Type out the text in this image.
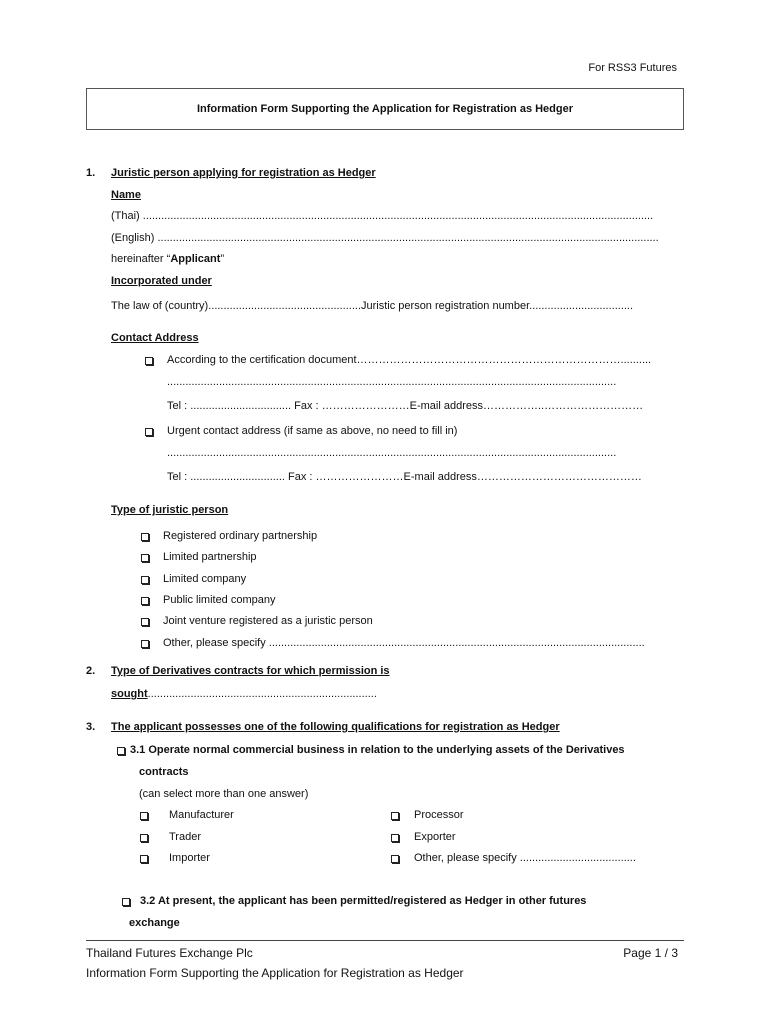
For RSS3 Futures
Information Form Supporting the Application for Registration as Hedger
1. Juristic person applying for registration as Hedger
Name
(Thai) .......................................................................................................................................................................
(English) ....................................................................................................................................................................
hereinafter “Applicant”
Incorporated under
The law of (country)..................................................Juristic person registration number..................................
Contact Address
According to the certification document………………………………………………………………..........
...................................................................................................................................................
Tel : ................................. Fax : ……………………E-mail address……………..………………………
Urgent contact address (if same as above, no need to fill in)
...................................................................................................................................................
Tel : ............................... Fax : ……………………E-mail address………………………………………
Type of juristic person
Registered ordinary partnership
Limited partnership
Limited company
Public limited company
Joint venture registered as a juristic person
Other, please specify ...........................................................................................................................
2. Type of Derivatives contracts for which permission is
sought...........................................................................
3. The applicant possesses one of the following qualifications for registration as Hedger
3.1 Operate normal commercial business in relation to the underlying assets of the Derivatives
contracts
(can select more than one answer)
Manufacturer
Trader
Importer
Processor
Exporter
Other, please specify ......................................
3.2 At present, the applicant has been permitted/registered as Hedger in other futures
exchange
Thailand Futures Exchange Plc	Page 1 / 3
Information Form Supporting the Application for Registration as Hedger
